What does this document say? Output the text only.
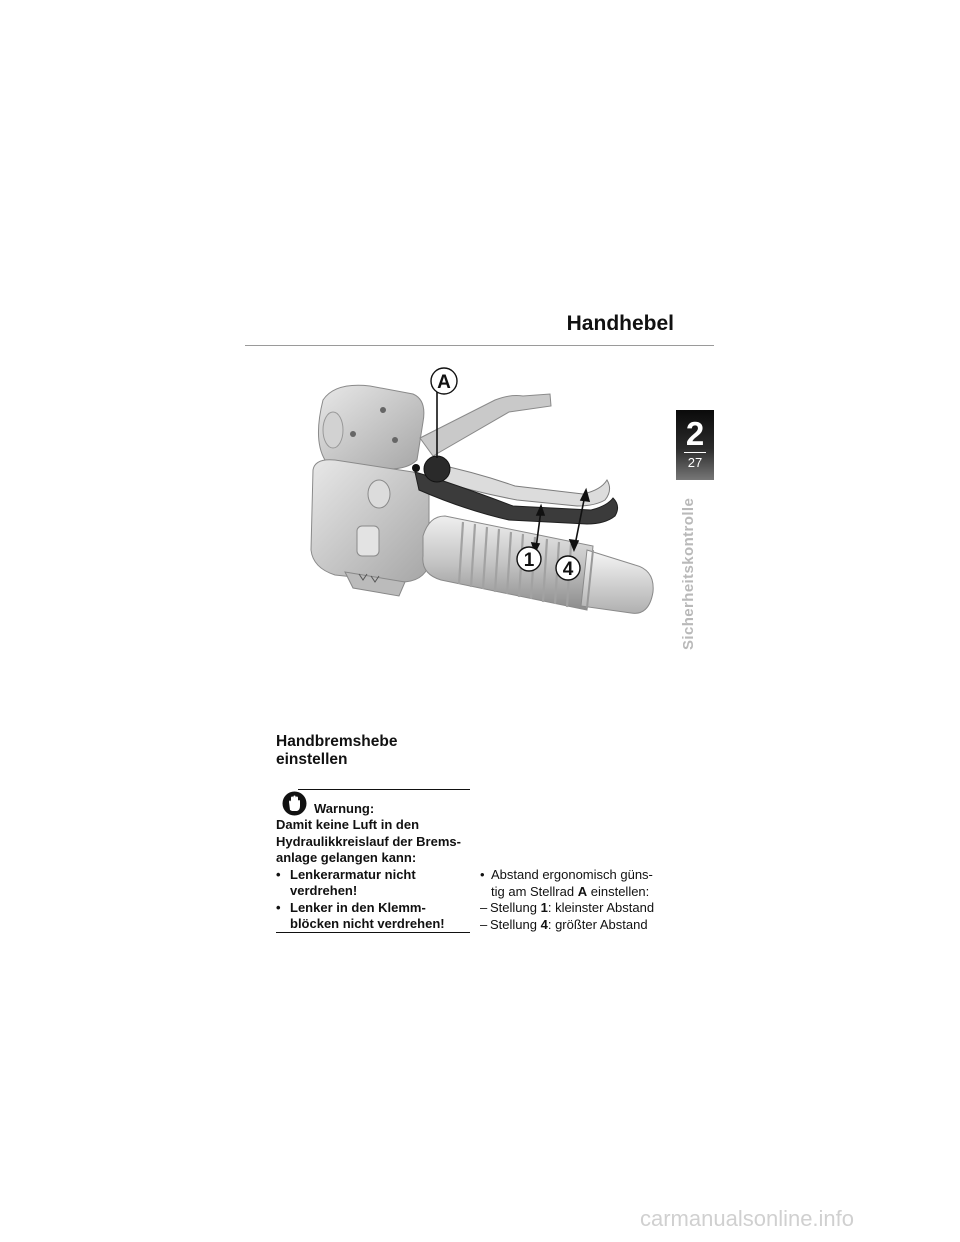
Handhebel
2
27
Sicherheitskontrolle
A
1 4
Handbremshebe
einstellen
Warnung:
Damit keine Luft in den
Hydraulikkreislauf der Brems-
anlage gelangen kann:
• Lenkerarmatur nicht
verdrehen!
• Lenker in den Klemm-
blöcken nicht verdrehen!
• Abstand ergonomisch güns-
tig am Stellrad A einstellen:
– Stellung 1: kleinster Abstand
– Stellung 4: größter Abstand
carmanualsonline.info
